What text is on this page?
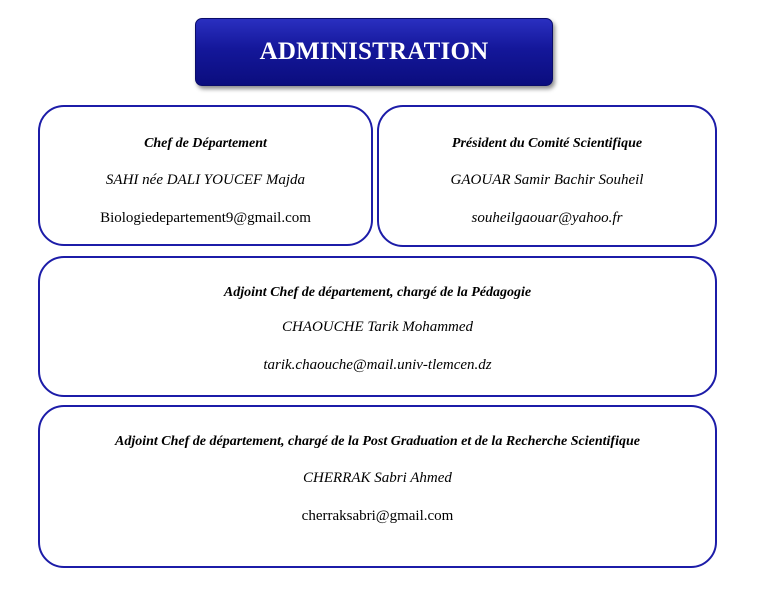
ADMINISTRATION
Chef de Département
SAHI née DALI YOUCEF Majda
Biologiedepartement9@gmail.com
Président du Comité Scientifique
GAOUAR Samir Bachir Souheil
souheilgaouar@yahoo.fr
Adjoint Chef de département, chargé de la Pédagogie
CHAOUCHE Tarik Mohammed
tarik.chaouche@mail.univ-tlemcen.dz
Adjoint Chef de département, chargé de la Post Graduation et de la Recherche Scientifique
CHERRAK Sabri Ahmed
cherraksabri@gmail.com
